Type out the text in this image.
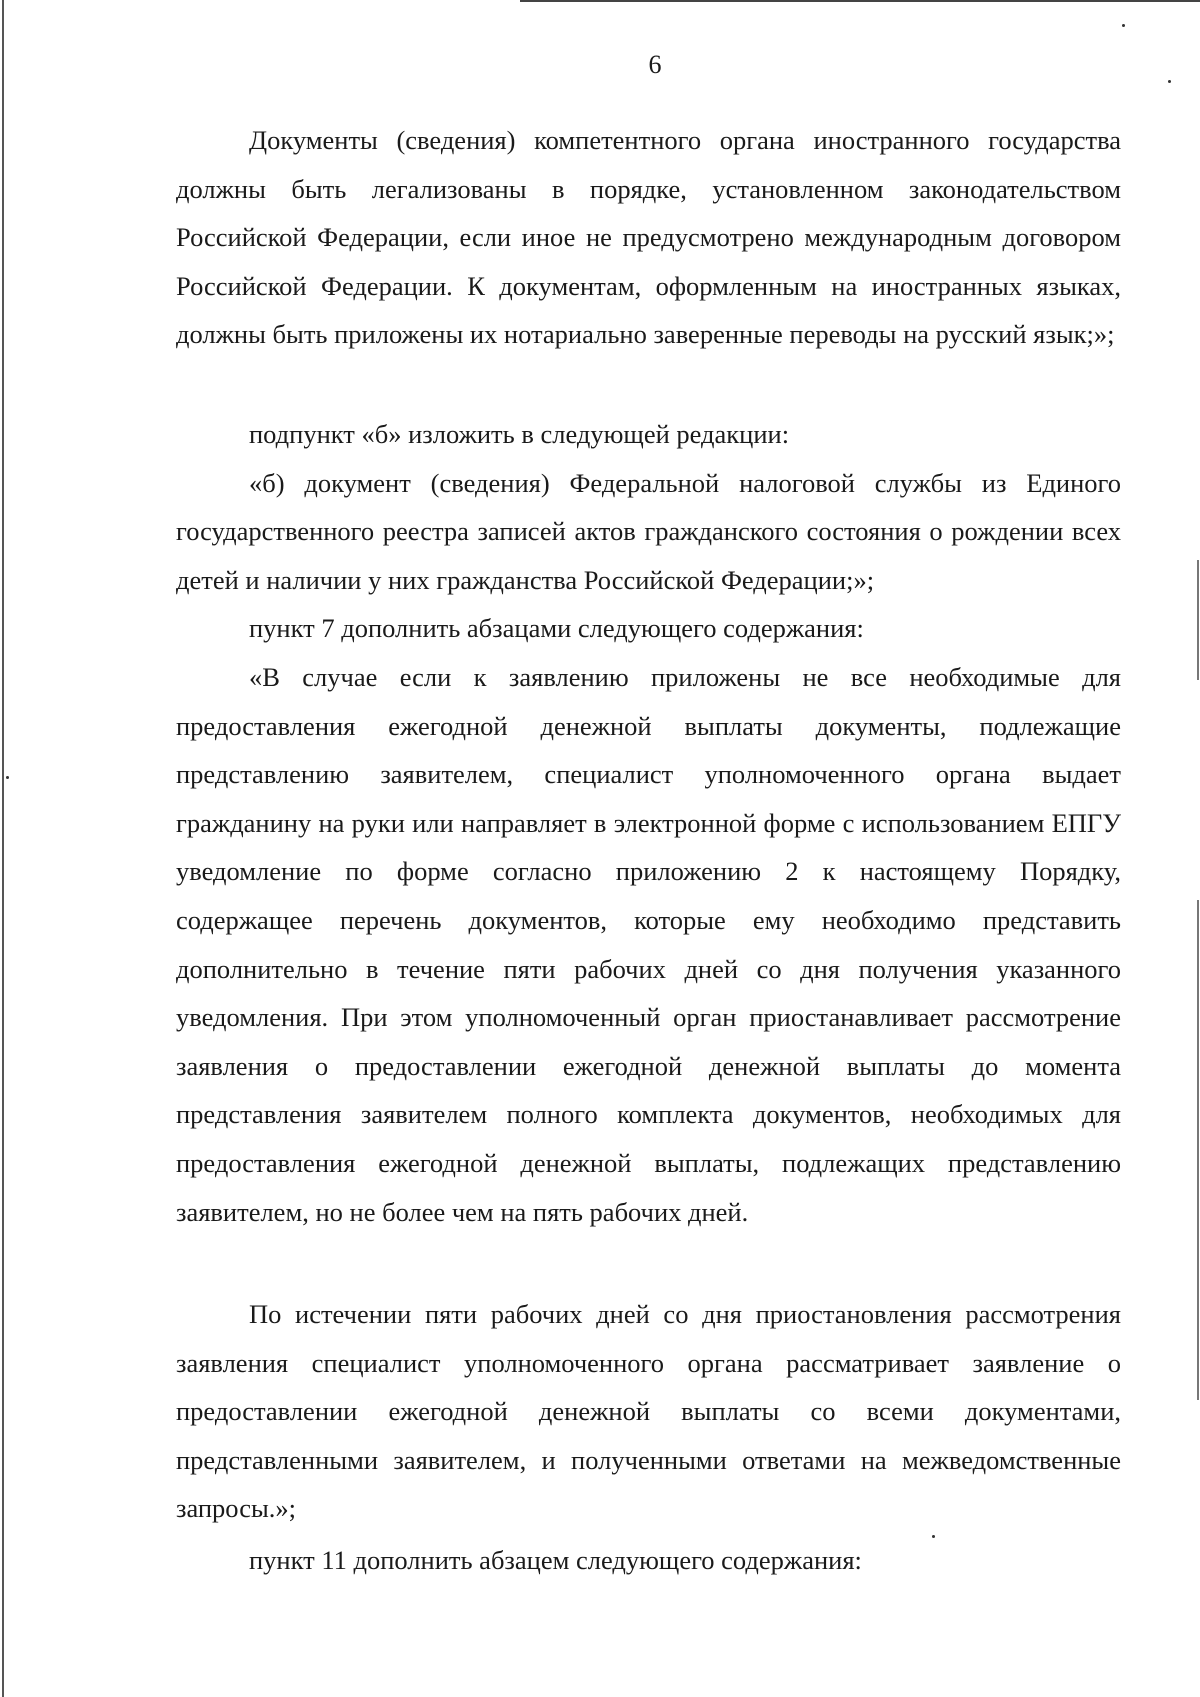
6

Документы (сведения) компетентного органа иностранного государства должны быть легализованы в порядке, установленном законодательством Российской Федерации, если иное не предусмотрено международным договором Российской Федерации. К документам, оформленным на иностранных языках, должны быть приложены их нотариально заверенные переводы на русский язык;»;

подпункт «б» изложить в следующей редакции:

«б) документ (сведения) Федеральной налоговой службы из Единого государственного реестра записей актов гражданского состояния о рождении всех детей и наличии у них гражданства Российской Федерации;»;

пункт 7 дополнить абзацами следующего содержания:

«В случае если к заявлению приложены не все необходимые для предоставления ежегодной денежной выплаты документы, подлежащие представлению заявителем, специалист уполномоченного органа выдает гражданину на руки или направляет в электронной форме с использованием ЕПГУ уведомление по форме согласно приложению 2 к настоящему Порядку, содержащее перечень документов, которые ему необходимо представить дополнительно в течение пяти рабочих дней со дня получения указанного уведомления. При этом уполномоченный орган приостанавливает рассмотрение заявления о предоставлении ежегодной денежной выплаты до момента представления заявителем полного комплекта документов, необходимых для предоставления ежегодной денежной выплаты, подлежащих представлению заявителем, но не более чем на пять рабочих дней.

По истечении пяти рабочих дней со дня приостановления рассмотрения заявления специалист уполномоченного органа рассматривает заявление о предоставлении ежегодной денежной выплаты со всеми документами, представленными заявителем, и полученными ответами на межведомственные запросы.»;

пункт 11 дополнить абзацем следующего содержания:
